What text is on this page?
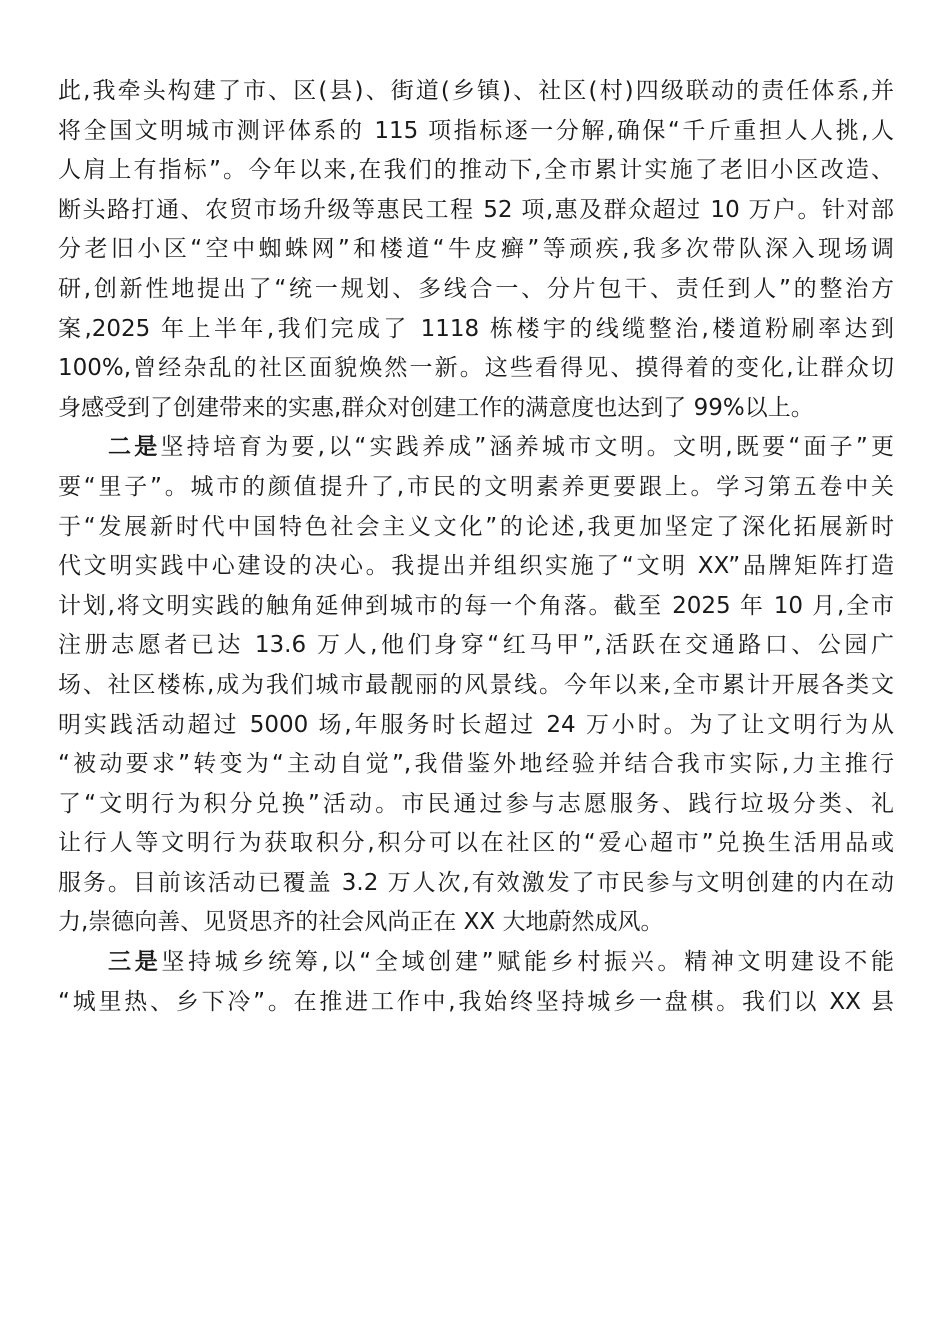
此,我牵头构建了市、区(县)、街道(乡镇)、社区(村)四级联动的责任体系,并
将全国文明城市测评体系的 115 项指标逐一分解,确保“千斤重担人人挑,人
人肩上有指标”。今年以来,在我们的推动下,全市累计实施了老旧小区改造、
断头路打通、农贸市场升级等惠民工程 52 项,惠及群众超过 10 万户。针对部
分老旧小区“空中蜘蛛网”和楼道“牛皮癣”等顽疾,我多次带队深入现场调
研,创新性地提出了“统一规划、多线合一、分片包干、责任到人”的整治方
案,2025 年上半年,我们完成了 1118 栋楼宇的线缆整治,楼道粉刷率达到
100%,曾经杂乱的社区面貌焕然一新。这些看得见、摸得着的变化,让群众切
身感受到了创建带来的实惠,群众对创建工作的满意度也达到了 99%以上。
二是坚持培育为要,以“实践养成”涵养城市文明。文明,既要“面子”更
要“里子”。城市的颜值提升了,市民的文明素养更要跟上。学习第五卷中关
于“发展新时代中国特色社会主义文化”的论述,我更加坚定了深化拓展新时
代文明实践中心建设的决心。我提出并组织实施了“文明 XX”品牌矩阵打造
计划,将文明实践的触角延伸到城市的每一个角落。截至 2025 年 10 月,全市
注册志愿者已达 13.6 万人,他们身穿“红马甲”,活跃在交通路口、公园广
场、社区楼栋,成为我们城市最靓丽的风景线。今年以来,全市累计开展各类文
明实践活动超过 5000 场,年服务时长超过 24 万小时。为了让文明行为从
“被动要求”转变为“主动自觉”,我借鉴外地经验并结合我市实际,力主推行
了“文明行为积分兑换”活动。市民通过参与志愿服务、践行垃圾分类、礼
让行人等文明行为获取积分,积分可以在社区的“爱心超市”兑换生活用品或
服务。目前该活动已覆盖 3.2 万人次,有效激发了市民参与文明创建的内在动
力,崇德向善、见贤思齐的社会风尚正在 XX 大地蔚然成风。
三是坚持城乡统筹,以“全域创建”赋能乡村振兴。精神文明建设不能
“城里热、乡下冷”。在推进工作中,我始终坚持城乡一盘棋。我们以 XX 县
